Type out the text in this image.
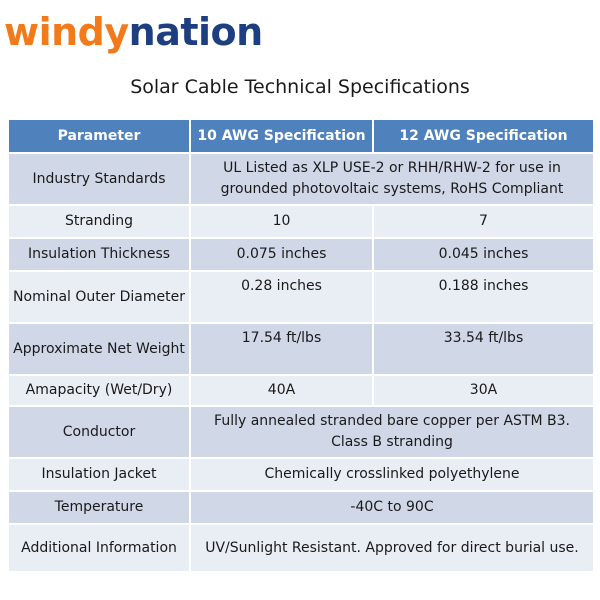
windynation
Solar Cable Technical Specifications
Parameter	10 AWG Specification	12 AWG Specification
Industry Standards	UL Listed as XLP USE-2 or RHH/RHW-2 for use in grounded photovoltaic systems, RoHS Compliant	
Stranding	10	7
Insulation Thickness	0.075 inches	0.045 inches
Nominal Outer Diameter	0.28 inches	0.188 inches
Approximate Net Weight	17.54 ft/lbs	33.54 ft/lbs
Amapacity (Wet/Dry)	40A	30A
Conductor	Fully annealed stranded bare copper per ASTM B3. Class B stranding	
Insulation Jacket	Chemically crosslinked polyethylene	
Temperature	-40C to 90C	
Additional Information	UV/Sunlight Resistant. Approved for direct burial use.	
